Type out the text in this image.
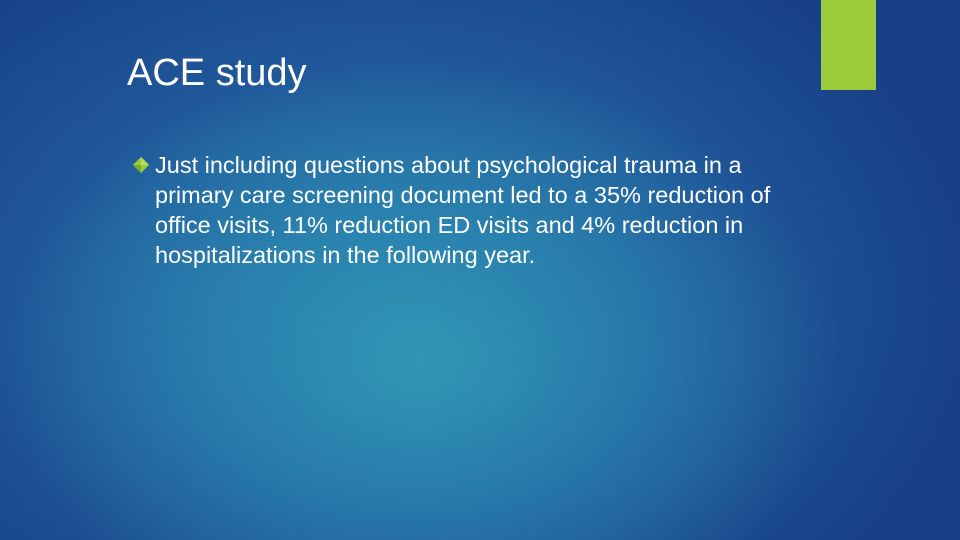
ACE study
Just including questions about psychological trauma in a primary care screening document led to a 35% reduction of office visits, 11% reduction ED visits and 4% reduction in hospitalizations in the following year.
